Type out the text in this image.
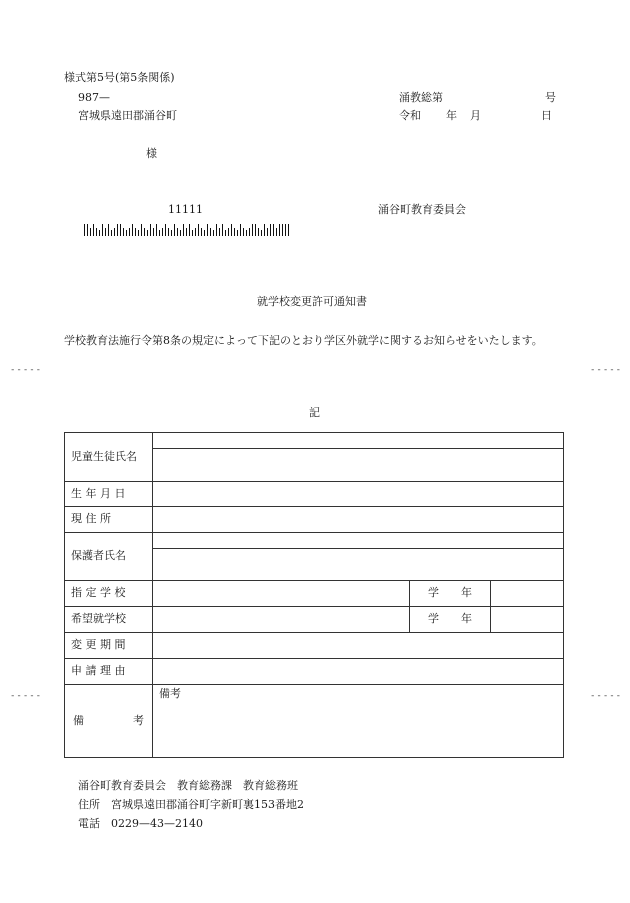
様式第5号(第5条関係)
987—
宮城県遠田郡涌谷町
様
11111
涌教総第	号
令和 年 月	日
涌谷町教育委員会
就学校変更許可通知書
学校教育法施行令第8条の規定によって下記のとおり学区外就学に関するお知らせをいたします。
記
-----	-----
-----	-----
児童生徒氏名			

生 年 月 日			
現 住 所			
保護者氏名			

指 定 学 校		学 年	

希望就学校		学 年	

変 更 期 間			
申 請 理 由			

備 考	備考		
涌谷町教育委員会　教育総務課　教育総務班
住所　宮城県遠田郡涌谷町字新町裏153番地2
電話　0229—43—2140
